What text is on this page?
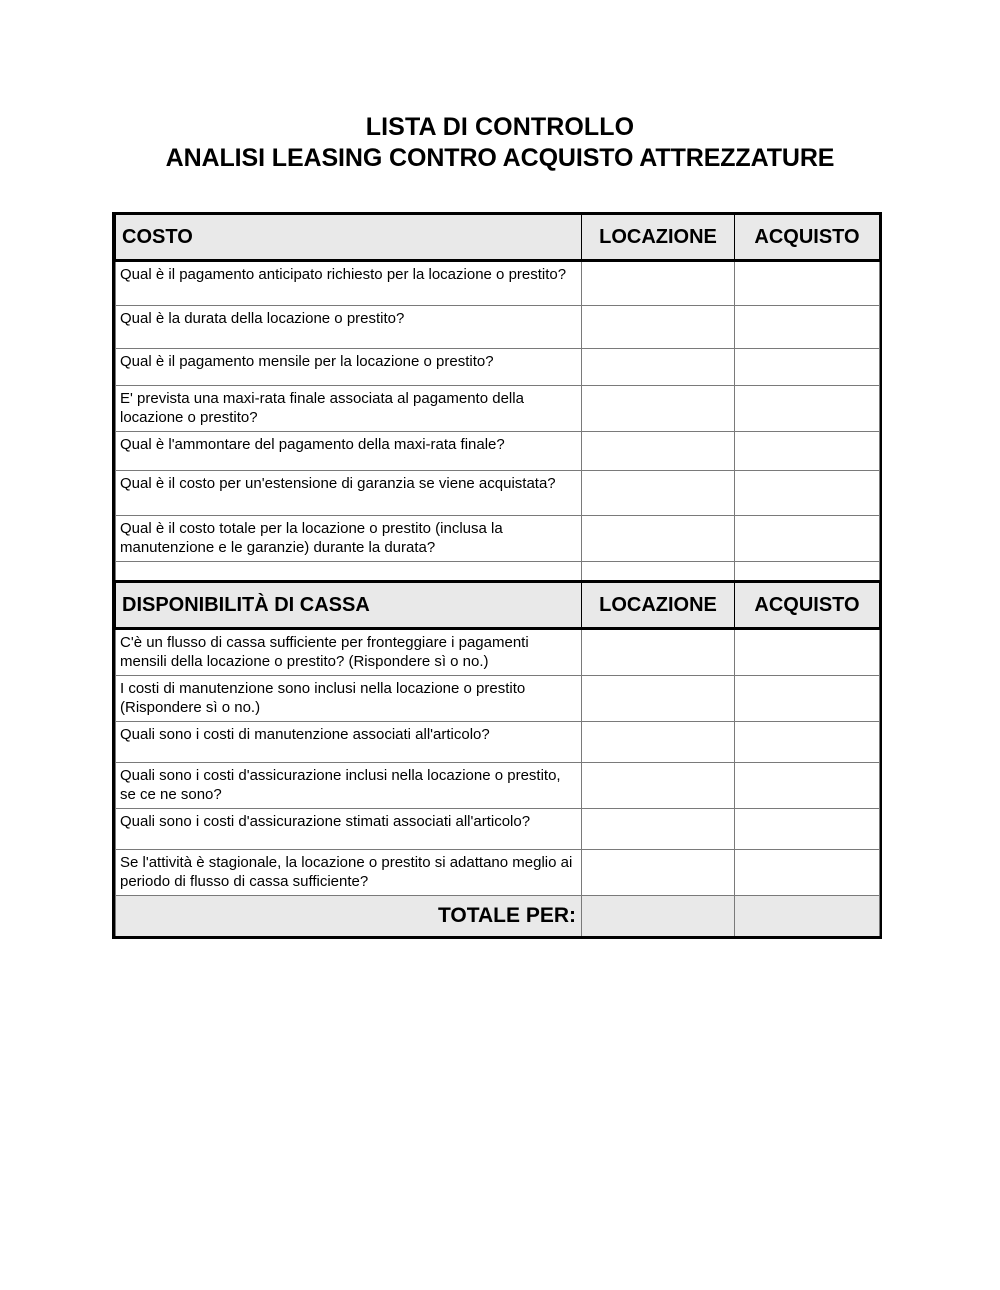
LISTA DI CONTROLLO
ANALISI LEASING CONTRO ACQUISTO ATTREZZATURE
COSTO	LOCAZIONE	ACQUISTO
Qual è il pagamento anticipato richiesto per la locazione o prestito?		
Qual è la durata della locazione o prestito?		
Qual è il pagamento mensile per la locazione o prestito?		
E' prevista una maxi-rata finale associata al pagamento della locazione o prestito?		
Qual è l'ammontare del pagamento della maxi-rata finale?		
Qual è il costo per un'estensione di garanzia se viene acquistata?		
Qual è il costo totale per la locazione o prestito (inclusa la manutenzione e le garanzie) durante la durata?		

DISPONIBILITÀ DI CASSA	LOCAZIONE	ACQUISTO
C'è un flusso di cassa sufficiente per fronteggiare i pagamenti mensili della locazione o prestito? (Rispondere sì o no.)		
I costi di manutenzione sono inclusi nella locazione o prestito (Rispondere sì o no.)		
Quali sono i costi di manutenzione associati all'articolo?		
Quali sono i costi d'assicurazione inclusi nella locazione o prestito, se ce ne sono?		
Quali sono i costi d'assicurazione stimati associati all'articolo?		
Se l'attività è stagionale, la locazione o prestito si adattano meglio ai periodo di flusso di cassa sufficiente?		
TOTALE PER:		
